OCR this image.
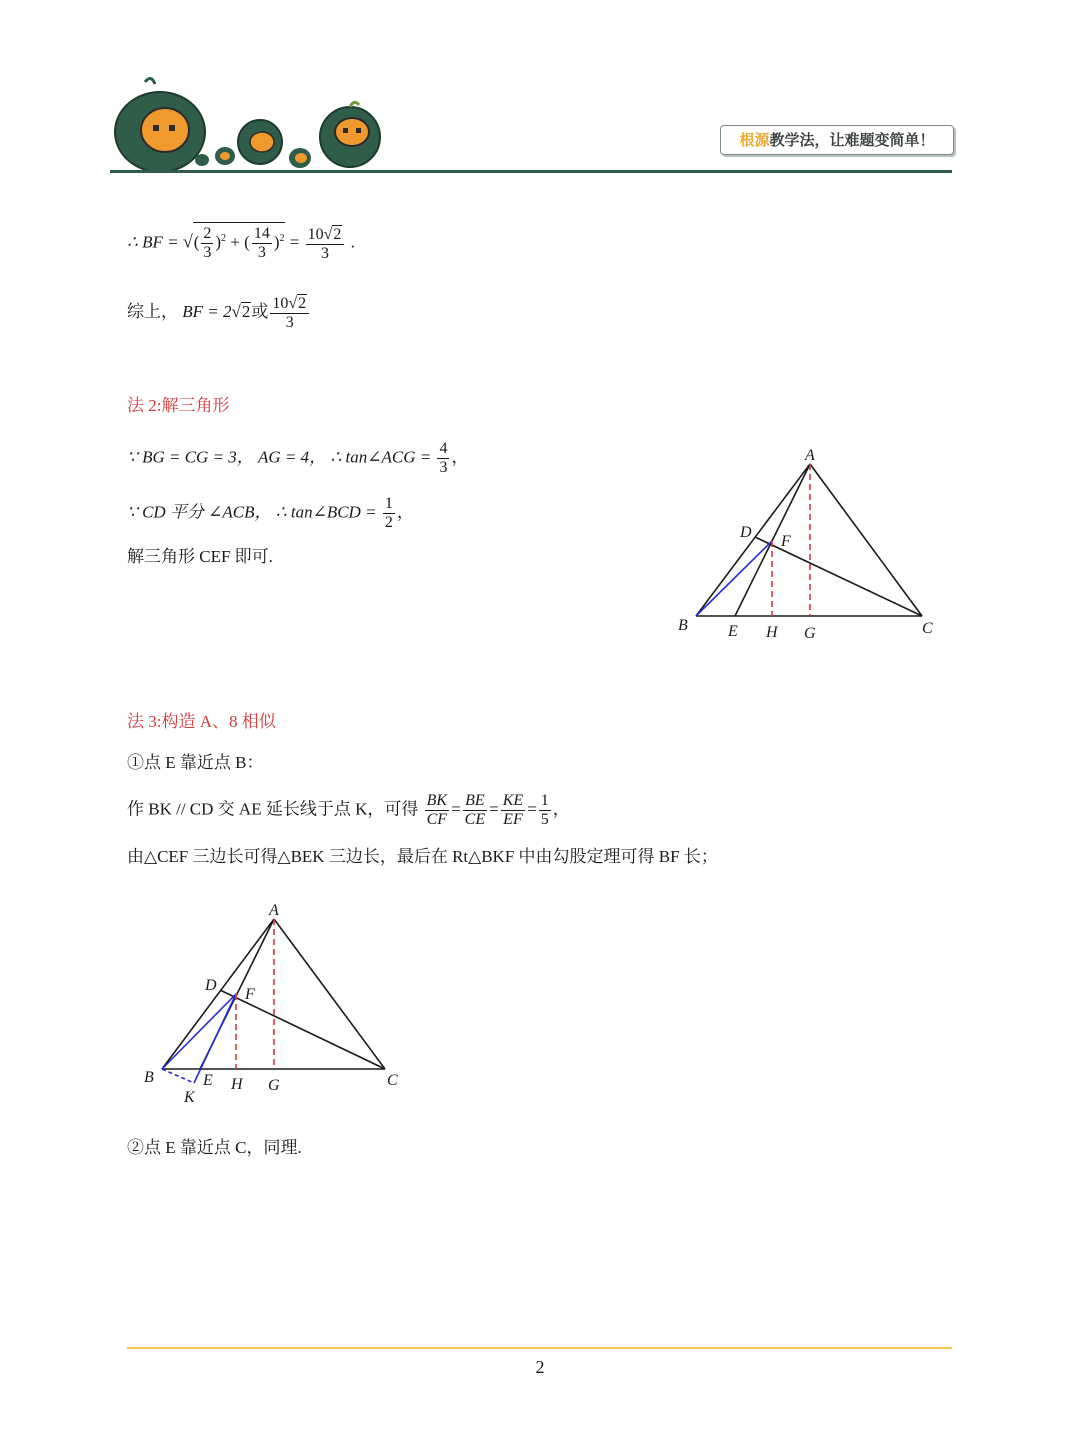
根源教学法，让难题变简单！
∴ BF = √( $\frac{2}{3} )^2$ + ( $\frac{14}{3} )^2 = \frac{10√2}{3}$ .
综上， BF = 2√2或 $\frac{10√2}{3}$
法 2:解三角形
∵ BG = CG = 3， AG = 4， ∴ tan∠ACG = $\frac{4}{3}$ ，
∵ CD 平分 ∠ACB， ∴ tan∠BCD = $\frac{1}{2}$ ，
解三角形 CEF 即可.
A
B	C
D
E
F
G
H
法 3:构造 A、8 相似
①点 E 靠近点 B：
作 BK // CD 交 AE 延长线于点 K，可得 $\frac{BK}{CF} = \frac{BE}{CE} = \frac{KE}{EF} = \frac{1}{5}$ ，
由△CEF 三边长可得△BEK 三边长，最后在 Rt△BKF 中由勾股定理可得 BF 长；
A
B	C
D
E
F
G
H
K
②点 E 靠近点 C，同理.
2
